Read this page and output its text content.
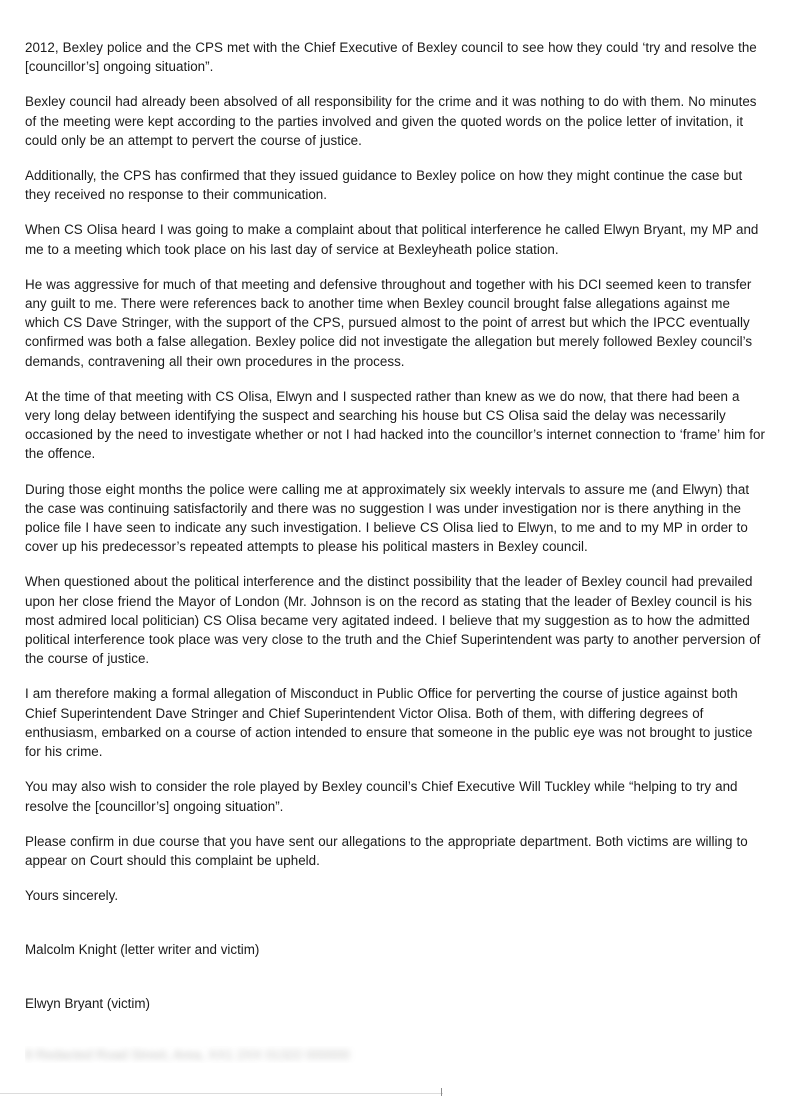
2012, Bexley police and the CPS met with the Chief Executive of Bexley council to see how they could ‘try and resolve the [councillor’s] ongoing situation”.

Bexley council had already been absolved of all responsibility for the crime and it was nothing to do with them. No minutes of the meeting were kept according to the parties involved and given the quoted words on the police letter of invitation, it could only be an attempt to pervert the course of justice.

Additionally, the CPS has confirmed that they issued guidance to Bexley police on how they might continue the case but they received no response to their communication.

When CS Olisa heard I was going to make a complaint about that political interference he called Elwyn Bryant, my MP and me to a meeting which took place on his last day of service at Bexleyheath police station.

He was aggressive for much of that meeting and defensive throughout and together with his DCI seemed keen to transfer any guilt to me. There were references back to another time when Bexley council brought false allegations against me which CS Dave Stringer, with the support of the CPS, pursued almost to the point of arrest but which the IPCC eventually confirmed was both a false allegation. Bexley police did not investigate the allegation but merely followed Bexley council’s demands, contravening all their own procedures in the process.

At the time of that meeting with CS Olisa, Elwyn and I suspected rather than knew as we do now, that there had been a very long delay between identifying the suspect and searching his house but CS Olisa said the delay was necessarily occasioned by the need to investigate whether or not I had hacked into the councillor’s internet connection to ‘frame’ him for the offence.

During those eight months the police were calling me at approximately six weekly intervals to assure me (and Elwyn) that the case was continuing satisfactorily and there was no suggestion I was under investigation nor is there anything in the police file I have seen to indicate any such investigation. I believe CS Olisa lied to Elwyn, to me and to my MP in order to cover up his predecessor’s repeated attempts to please his political masters in Bexley council.

When questioned about the political interference and the distinct possibility that the leader of Bexley council had prevailed upon her close friend the Mayor of London (Mr. Johnson is on the record as stating that the leader of Bexley council is his most admired local politician) CS Olisa became very agitated indeed. I believe that my suggestion as to how the admitted political interference took place was very close to the truth and the Chief Superintendent was party to another perversion of the course of justice.

I am therefore making a formal allegation of Misconduct in Public Office for perverting the course of justice against both Chief Superintendent Dave Stringer and Chief Superintendent Victor Olisa. Both of them, with differing degrees of enthusiasm, embarked on a course of action intended to ensure that someone in the public eye was not brought to justice for his crime.

You may also wish to consider the role played by Bexley council’s Chief Executive Will Tuckley while “helping to try and resolve the [councillor’s] ongoing situation”.

Please confirm in due course that you have sent our allegations to the appropriate department. Both victims are willing to appear on Court should this complaint be upheld.

Yours sincerely.

Malcolm Knight (letter writer and victim)

Elwyn Bryant (victim)

8 Redacted Road Street, Area, XX1 2XX 01322 000000
